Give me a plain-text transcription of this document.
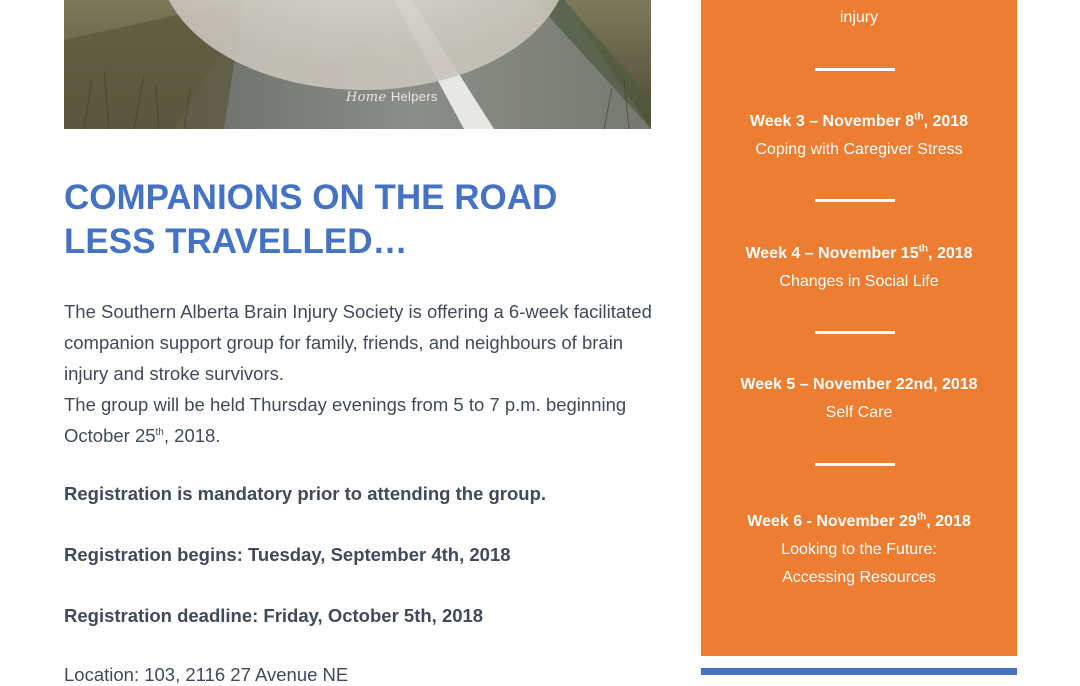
Home Helpers
COMPANIONS ON THE ROAD
LESS TRAVELLED…

The Southern Alberta Brain Injury Society is offering a 6-week facilitated companion support group for family, friends, and neighbours of brain injury and stroke survivors.

The group will be held Thursday evenings from 5 to 7 p.m. beginning October 25th, 2018.

Registration is mandatory prior to attending the group.

Registration begins: Tuesday, September 4th, 2018

Registration deadline: Friday, October 5th, 2018

Location: 103, 2116 27 Avenue NE

injury
Week 3 – November 8th, 2018
Coping with Caregiver Stress
Week 4 – November 15th, 2018
Changes in Social Life
Week 5 – November 22nd, 2018
Self Care
Week 6 - November 29th, 2018
Looking to the Future:
Accessing Resources
